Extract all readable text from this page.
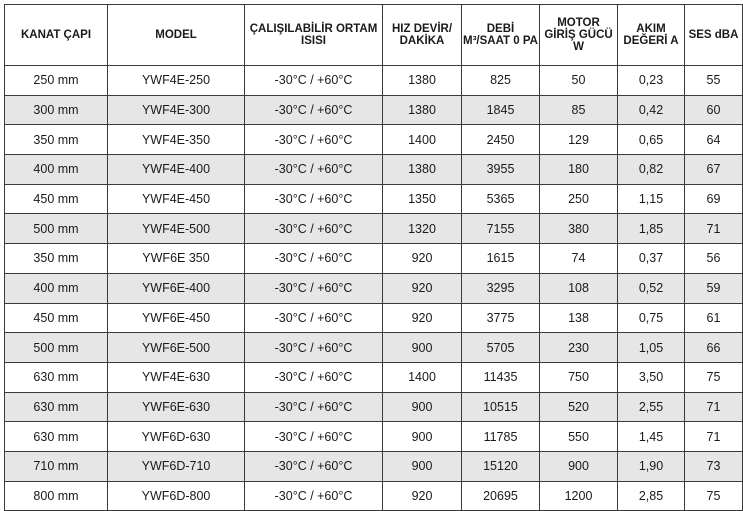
KANAT ÇAPI	MODEL	ÇALIŞILABİLİR ORTAM ISISI	HIZ DEVİR/ DAKİKA	DEBİ M³/SAAT 0 PA	MOTOR GİRİŞ GÜCÜ W	AKIM DEĞERİ A	SES dBA
250 mm	YWF4E-250	-30°C / +60°C	1380	825	50	0,23	55
300 mm	YWF4E-300	-30°C / +60°C	1380	1845	85	0,42	60
350 mm	YWF4E-350	-30°C / +60°C	1400	2450	129	0,65	64
400 mm	YWF4E-400	-30°C / +60°C	1380	3955	180	0,82	67
450 mm	YWF4E-450	-30°C / +60°C	1350	5365	250	1,15	69
500 mm	YWF4E-500	-30°C / +60°C	1320	7155	380	1,85	71
350 mm	YWF6E 350	-30°C / +60°C	920	1615	74	0,37	56
400 mm	YWF6E-400	-30°C / +60°C	920	3295	108	0,52	59
450 mm	YWF6E-450	-30°C / +60°C	920	3775	138	0,75	61
500 mm	YWF6E-500	-30°C / +60°C	900	5705	230	1,05	66
630 mm	YWF4E-630	-30°C / +60°C	1400	11435	750	3,50	75
630 mm	YWF6E-630	-30°C / +60°C	900	10515	520	2,55	71
630 mm	YWF6D-630	-30°C / +60°C	900	11785	550	1,45	71
710 mm	YWF6D-710	-30°C / +60°C	900	15120	900	1,90	73
800 mm	YWF6D-800	-30°C / +60°C	920	20695	1200	2,85	75
